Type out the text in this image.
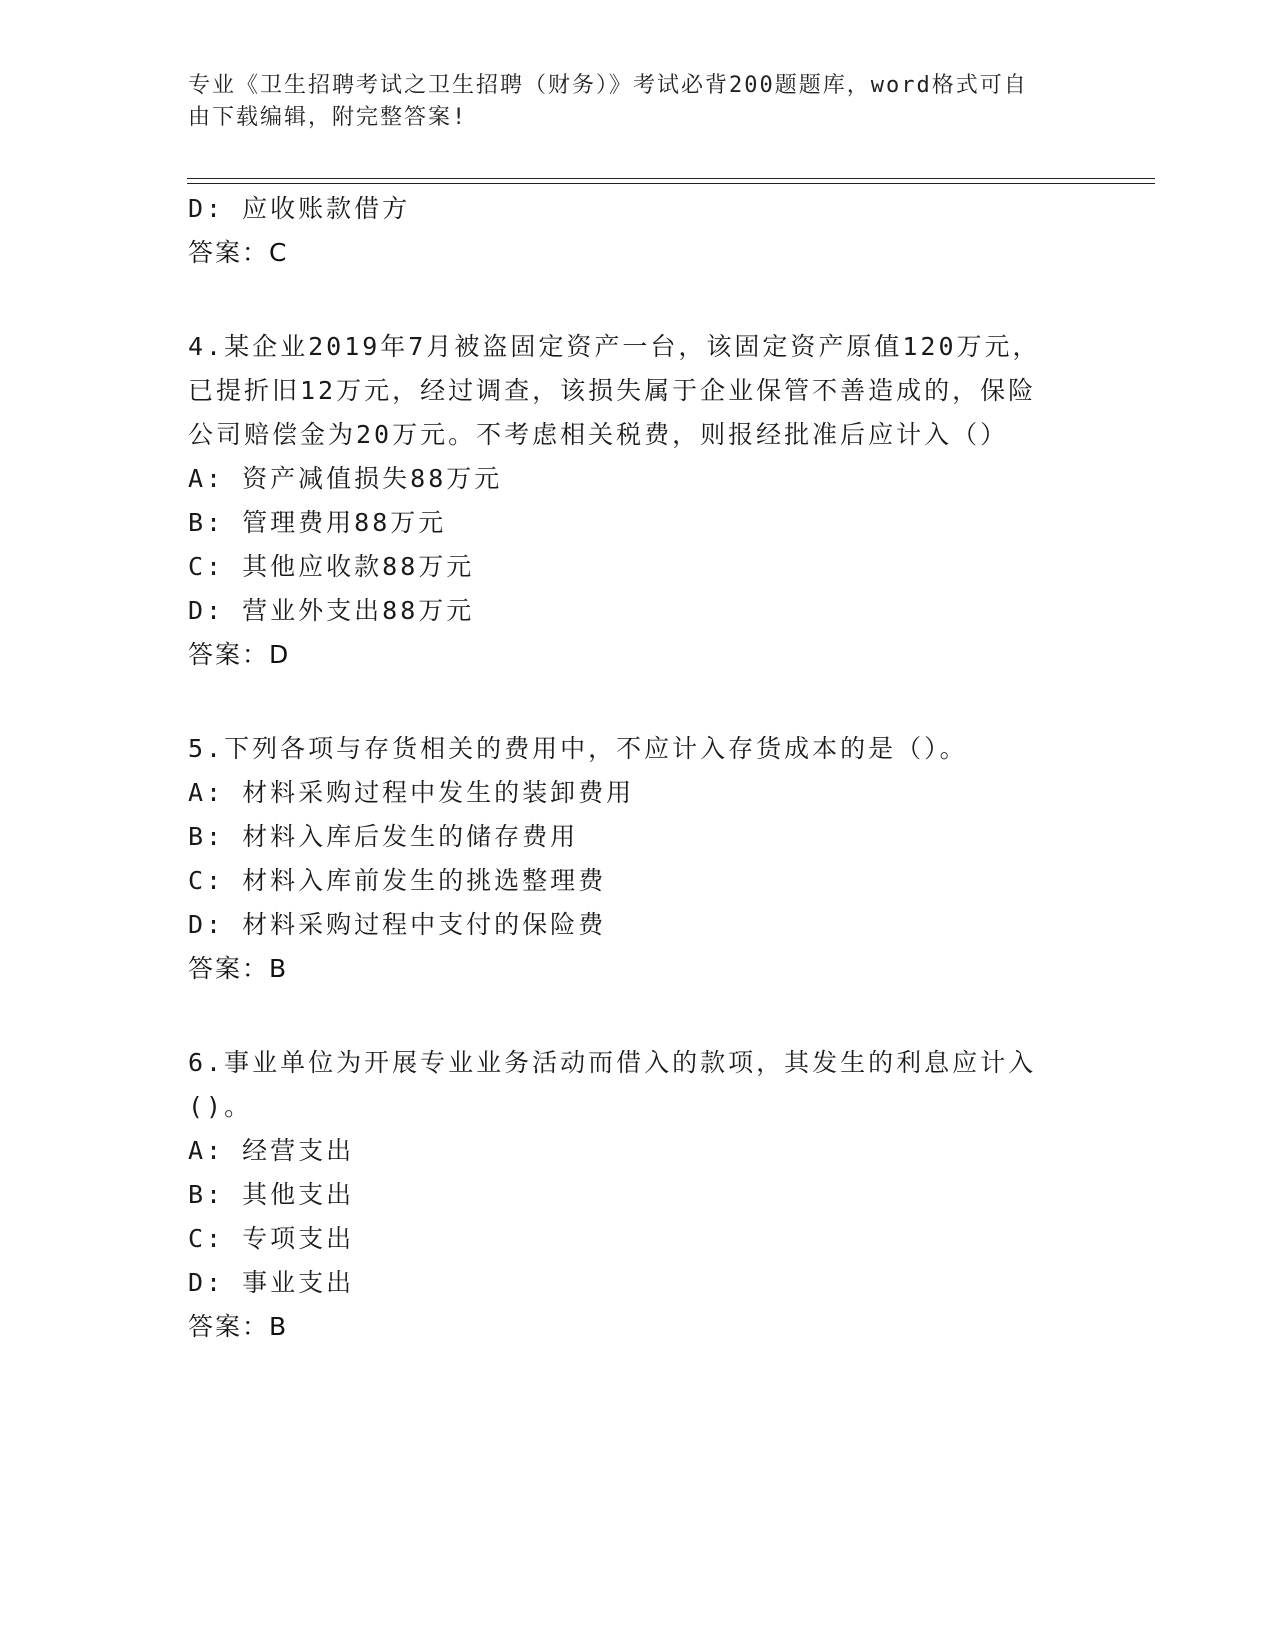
专业《卫生招聘考试之卫生招聘（财务）》考试必背200题题库，word格式可自
由下载编辑，附完整答案!
D: 应收账款借方
答案：C
4.某企业2019年7月被盗固定资产一台，该固定资产原值120万元，
已提折旧12万元，经过调查，该损失属于企业保管不善造成的，保险
公司赔偿金为20万元。不考虑相关税费，则报经批准后应计入（）
A: 资产减值损失88万元
B: 管理费用88万元
C: 其他应收款88万元
D: 营业外支出88万元
答案：D
5.下列各项与存货相关的费用中，不应计入存货成本的是（）。
A: 材料采购过程中发生的装卸费用
B: 材料入库后发生的储存费用
C: 材料入库前发生的挑选整理费
D: 材料采购过程中支付的保险费
答案：B
6.事业单位为开展专业业务活动而借入的款项，其发生的利息应计入
()。
A: 经营支出
B: 其他支出
C: 专项支出
D: 事业支出
答案：B
